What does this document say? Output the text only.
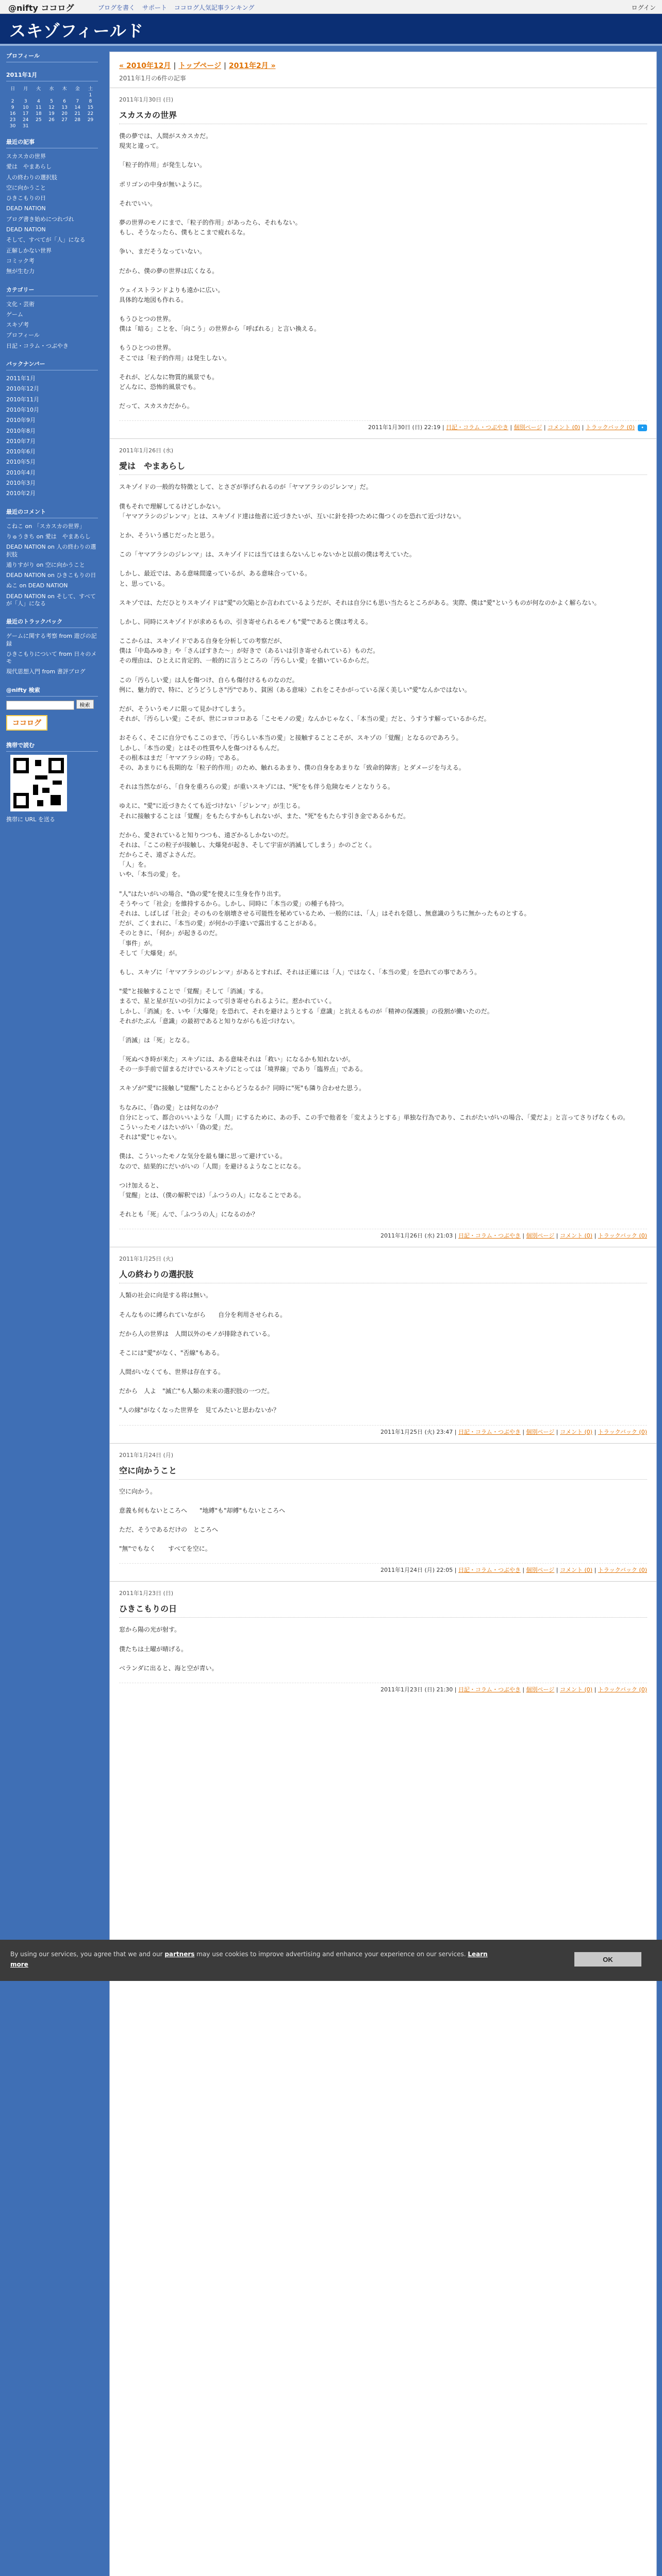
@nifty ココログ	ブログを書く サポート ココログ人気記事ランキング	ログイン
スキゾフィールド
プロフィール
2011年1月
日	月	火	水	木	金	土
						1
2	3	4	5	6	7	8
9	10	11	12	13	14	15
16	17	18	19	20	21	22
23	24	25	26	27	28	29
30	31					
最近の記事
スカスカの世界
愛は　やまあらし
人の終わりの選択肢
空に向かうこと
ひきこもりの日
DEAD NATION
ブログ書き始めにつれづれ
DEAD NATION
そして、すべてが「人」になる
正解しかない世界
コミック考
無が生む力
カテゴリー
文化・芸術
ゲーム
スキゾ考
プロフィール
日記・コラム・つぶやき
バックナンバー
2011年1月
2010年12月
2010年11月
2010年10月
2010年9月
2010年8月
2010年7月
2010年6月
2010年5月
2010年4月
2010年3月
2010年2月
最近のコメント
こねこ on 「スカスカの世界」
りゅうきち on 愛は　やまあらし
DEAD NATION on 人の終わりの選択肢
通りすがり on 空に向かうこと
DEAD NATION on ひきこもりの日
ぬこ on DEAD NATION
DEAD NATION on そして、すべてが「人」になる
最近のトラックバック
ゲームに関する考察 from 遊びの記録
ひきこもりについて from 日々のメモ
現代思想入門 from 書評ブログ
@nifty 検索
検索
ココログ
携帯で読む
携帯に URL を送る
« 2010年12月 | トップページ | 2011年2月 »
2011年1月の6件の記事
2011年1月30日 (日)
スカスカの世界
僕の夢では、人間がスカスカだ。
現実と違って。
「粒子的作用」が発生しない。
ポリゴンの中身が無いように。
それでいい。
夢の世界のモノにまで、「粒子的作用」があったら、それもない。
もし、そうなったら、僕もとこまで疲れるな。
争い、まだそうなっていない。
だから、僕の夢の世界は広くなる。
ウェイストランドよりも遠かに広い。
具体的な地図も作れる。
もうひとつの世界。
僕は「暗る」ことを、「向こう」の世界から「呼ばれる」と言い換える。
もうひとつの世界。
そこでは「粒子的作用」は発生しない。
それが、どんなに物質的風景でも。
どんなに、恐怖的風景でも。
だって、スカスカだから。
2011年1月30日 (日) 22:19 | 日記・コラム・つぶやき | 個別ページ | コメント (0) | トラックバック (0) •
2011年1月26日 (水)
愛は　やまあらし
スキゾイドの一般的な特徴として、とさざが挙げられるのが「ヤマアラシのジレンマ」だ。
僕もそれで理解してるけどしかない。
「ヤマアラシのジレンマ」とは、スキゾイド達は他者に近づきたいが、互いに針を持つために傷つくのを恐れて近づけない。
とか、そういう感じだったと思う。
この「ヤマアラシのジレンマ」は、スキゾイドには当てはまらないんじゃないかと以前の僕は考えていた。
しかし、最近では、ある意味間違っているが、ある意味合っている。
と、思っている。
スキゾでは、ただひとりスキゾイドは"愛"の欠陥とか言われているようだが、それは自分にも思い当たるところがある。実際、僕は"愛"というものが何なのかよく解らない。
しかし、同時にスキゾイドが求めるもの、引き寄せられるモノも"愛"であると僕は考える。
ここからは、スキゾイドである自身を分析しての考察だが、
僕は「中島みゆき」や「さんぽすきた～」が好きで（あるいは引き寄せられている）ものだ。
その理由は、ひとえに肯定的、一般的に言うところの「汚らしい愛」を描いているからだ。
この「汚らしい愛」は人を傷つけ、自らも傷付けるものなのだ。
例に、魅力的で、特に、どうどうしさ"汚"であり、貧困（ある意味）これをこそかがっている深く美しい"愛"なんかではない。
だが、そういうモノに限って見かけてしまう。
それが、「汚らしい愛」こそが、世にコロコロある「こセモノの愛」なんかじゃなく、「本当の愛」だと、うすうす解っているからだ。
おそらく、そこに自分でもここのまで、「汚らしい本当の愛」と接触することこそが、スキゾの「覚醒」となるのであろう。
しかし、「本当の愛」とはその性質や人を傷つけるもんだ。
その根本はまだ「ヤマアラシの時」である。
その、あまりにも長期的な「粒子的作用」のため、触れるあまり、僕の自身をあまりな「致命的障害」とダメージを与える。
それは当然ながら、「自身を重ろらの愛」が重いスキゾには、"死"をも伴う危険なモノとなりうる。
ゆえに、"愛"に近づきたくても近づけない「ジレンマ」が生じる。
それに接触することは「覚醒」をもたらすかもしれないが、また、"死"をもたらす引き金であるかもだ。
だから、愛されていると知りつつも、遠ざかるしかないのだ。
それは、「ここの粒子が接触し、大爆発が起き、そして宇宙が消滅してしまう」かのごとく。
だからこそ、遠ざよさんだ。
「人」を。
いや、「本当の愛」を。
"人"はたいがいの場合、"偽の愛"を使えに生身を作り出す。
そうやって「社会」を維持するから。しかし、同時に「本当の愛」の種子も持つ。
それは、しばしば「社会」そのものを崩壊させる可能性を秘めているため、一般的には、「人」はそれを隠し、無意識のうちに無かったものとする。
だが、ごくまれに、「本当の愛」が何かの手違いで露出することがある。
そのときに、「何か」が起きるのだ。
「事件」が。
そして「大爆発」が。
もし、スキゾに「ヤマアラシのジレンマ」があるとすれば、それは正確には「人」ではなく、「本当の愛」を恐れての事であろう。
"愛"と接触することで「覚醒」そして「消滅」する。
まるで、星と星が互いの引力によって引き寄せられるように。惹かれていく。
しかし、「消滅」を、いや「大爆発」を恐れて、それを避けようとする「意識」と抗えるものが「精神の保護膜」の役割が働いたのだ。
それがたぶん「意識」の最初であると知りながらも近づけない。
「消滅」は「死」となる。
「死ぬべき時が来た」スキゾには、ある意味それは「救い」になるかも知れないが。
その一歩手前で留まるだけでいるスキゾにとっては「境界線」であり「臨界点」である。
スキゾが"愛"に接触し"覚醒"したことからどうなるか？同時に"死"も隣り合わせた思う。
ちなみに、「偽の愛」とは何なのか？
自分にとって、都合のいいような「人間」にするために、あの手、この手で他者を「変えようとする」単独な行為であり、これがたいがいの場合、「愛だよ」と言ってさりげなくもの。
こういったモノはたいがい「偽の愛」だ。
それは"愛"じゃない。
僕は、こういったモノな気分を最も嫌に思って避けている。
なので、結果的にだいがいの「人間」を避けるようなことになる。
つけ加えると、
「覚醒」とは、（僕の解釈では）「ふつうの人」になることである。
それとも「死」んで、「ふつうの人」になるのか？
2011年1月26日 (水) 21:03 | 日記・コラム・つぶやき | 個別ページ | コメント (0) | トラックバック (0)
2011年1月25日 (火)
人の終わりの選択肢
人類の社会に向是する将は無い。
そんなものに縛られていながら　　自分を利用させられる。
だから人の世界は　人間以外のモノが排除されている。
そこには"愛"がなく、"否線"もある。
人間がいなくても、世界は存在する。
だから　人よ　"滅亡"も人類の未来の選択肢の一つだ。
"人の縁"がなくなった世界を　見てみたいと思わないか？
2011年1月25日 (火) 23:47 | 日記・コラム・つぶやき | 個別ページ | コメント (0) | トラックバック (0)
2011年1月24日 (月)
空に向かうこと
空に向かう。
意義も何もないところへ　　"地縛"も"却縛"もないところへ
ただ、そうであるだけの　ところへ
"無"でもなく　　すべてを空に。
2011年1月24日 (月) 22:05 | 日記・コラム・つぶやき | 個別ページ | コメント (0) | トラックバック (0)
2011年1月23日 (日)
ひきこもりの日
窓から陽の光が射す。
僕たちは土曜が晴げる。
ベランダに出ると、海と空が青い。
2011年1月23日 (日) 21:30 | 日記・コラム・つぶやき | 個別ページ | コメント (0) | トラックバック (0)
By using our services, you agree that we and our partners may use cookies to improve advertising and enhance your experience on our services. Learn more
OK
